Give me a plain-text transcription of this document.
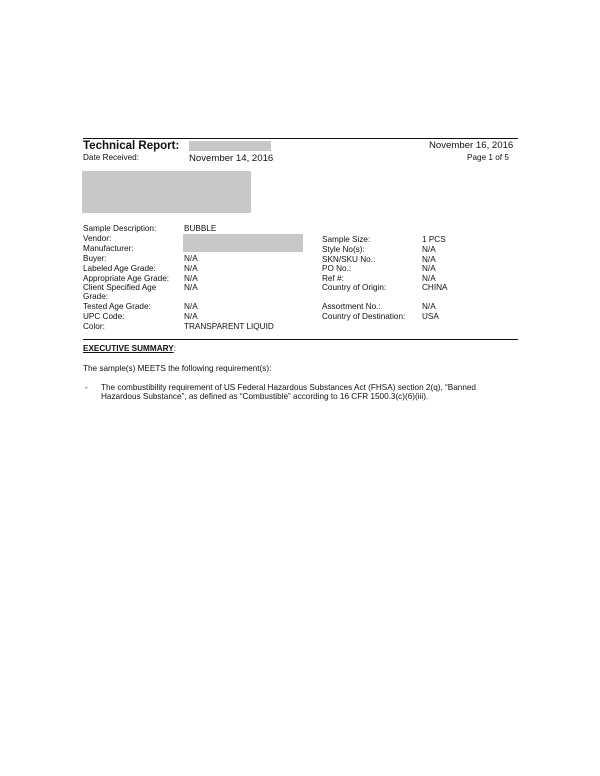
Technical Report:	November 16, 2016
Date Received:	November 14, 2016	Page 1 of 5
Sample Description:	BUBBLE
Vendor:
Manufacturer:
Buyer:	N/A
Labeled Age Grade:	N/A
Appropriate Age Grade: N/A
Client Specified Age
Grade:
N/A
Tested Age Grade:	N/A
UPC Code:	N/A
Color:	TRANSPARENT LIQUID
Sample Size:	1 PCS
Style No(s):	N/A
SKN/SKU No.:	N/A
PO No.:	N/A
Ref #:	N/A
Country of Origin:	CHINA
Assortment No.:	N/A
Country of Destination: USA
EXECUTIVE SUMMARY:
The sample(s) MEETS the following requirement(s):
- The combustibility requirement of US Federal Hazardous Substances Act (FHSA) section 2(q), “Banned
Hazardous Substance”, as defined as “Combustible” according to 16 CFR 1500.3(c)(6)(iii).
